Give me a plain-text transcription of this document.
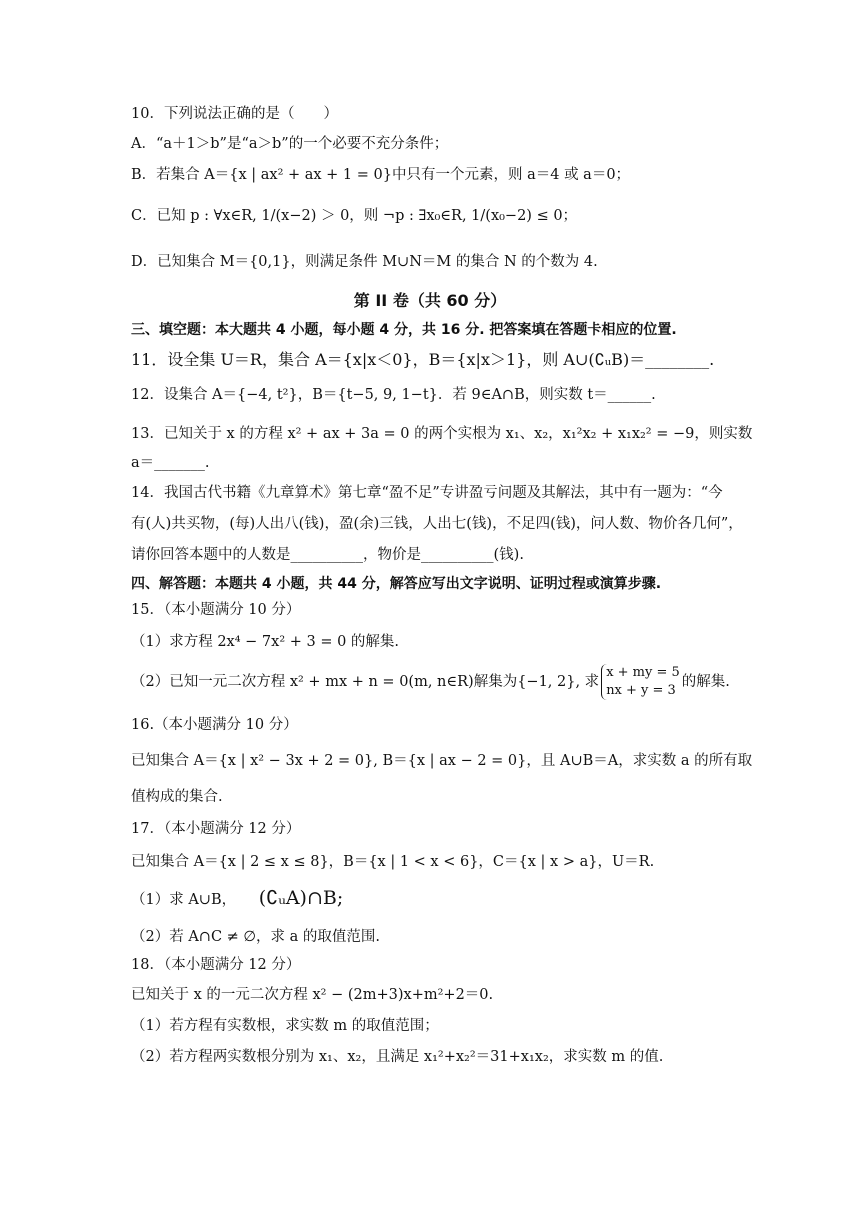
10．下列说法正确的是（　　）
A．“a＋1＞b”是“a＞b”的一个必要不充分条件；
B．若集合 A＝{x | ax² + ax + 1 = 0}中只有一个元素，则 a＝4 或 a＝0；
C．已知 p : ∀x∈R, 1/(x−2) ＞ 0，则 ¬p : ∃x₀∈R, 1/(x₀−2) ≤ 0；
D．已知集合 M＝{0,1}，则满足条件 M∪N＝M 的集合 N 的个数为 4.
第 II 卷（共 60 分）
三、填空题：本大题共 4 小题，每小题 4 分，共 16 分. 把答案填在答题卡相应的位置.
11．设全集 U＝R，集合 A＝{x|x＜0}，B＝{x|x＞1}，则 A∪(∁ᵤB)＝________.
12．设集合 A＝{−4, t²}，B＝{t−5, 9, 1−t}．若 9∈A∩B，则实数 t＝______.
13．已知关于 x 的方程 x² + ax + 3a = 0 的两个实根为 x₁、x₂，x₁²x₂ + x₁x₂² = −9，则实数
a＝_______.
14．我国古代书籍《九章算术》第七章“盈不足”专讲盈亏问题及其解法，其中有一题为：“今
有(人)共买物，(每)人出八(钱)，盈(余)三钱，人出七(钱)，不足四(钱)，问人数、物价各几何”，
请你回答本题中的人数是__________，物价是__________(钱).
四、解答题：本题共 4 小题，共 44 分，解答应写出文字说明、证明过程或演算步骤.
15．（本小题满分 10 分）
（1）求方程 2x⁴ − 7x² + 3 = 0 的解集.
（2）已知一元二次方程 x² + mx + n = 0(m, n∈R)解集为{−1, 2}, 求
x + my = 5
nx + y = 3
的解集.
16.（本小题满分 10 分）
已知集合 A＝{x | x² − 3x + 2 = 0}, B＝{x | ax − 2 = 0}，且 A∪B＝A，求实数 a 的所有取
值构成的集合.
17．（本小题满分 12 分）
已知集合 A＝{x | 2 ≤ x ≤ 8}，B＝{x | 1 < x < 6}，C＝{x | x > a}，U＝R.
（1）求 A∪B， (∁ᵤA)∩B;
（2）若 A∩C ≠ ∅，求 a 的取值范围.
18．（本小题满分 12 分）
已知关于 x 的一元二次方程 x² − (2m+3)x+m²+2＝0.
（1）若方程有实数根，求实数 m 的取值范围；
（2）若方程两实数根分别为 x₁、x₂，且满足 x₁²+x₂²＝31+x₁x₂，求实数 m 的值.
